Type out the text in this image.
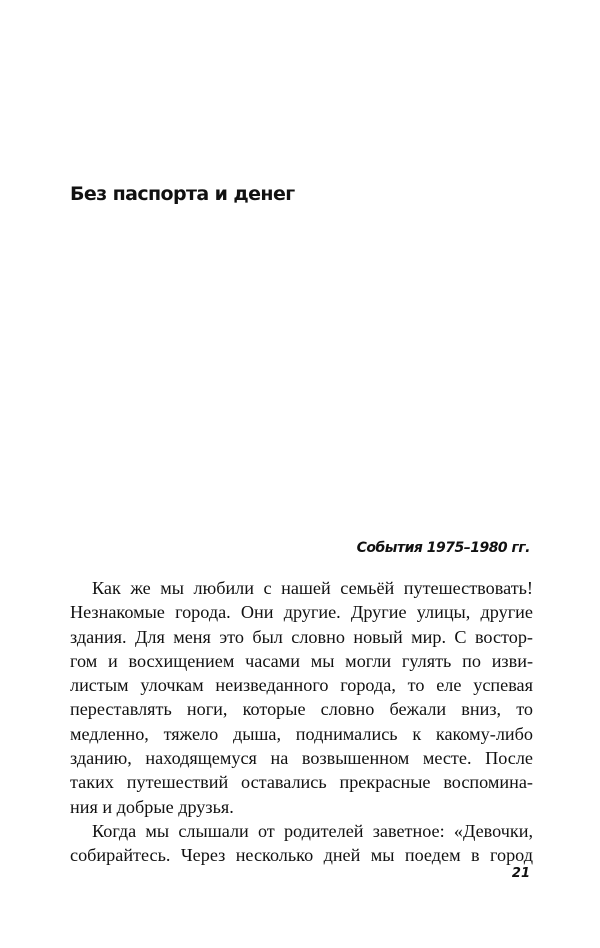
Без паспорта и денег

События 1975–1980 гг.

Как же мы любили с нашей семьёй путешествовать!
Незнакомые города. Они другие. Другие улицы, другие
здания. Для меня это был словно новый мир. С востор-
гом и восхищением часами мы могли гулять по изви-
листым улочкам неизведанного города, то еле успевая
переставлять ноги, которые словно бежали вниз, то
медленно, тяжело дыша, поднимались к какому-либо
зданию, находящемуся на возвышенном месте. После
таких путешествий оставались прекрасные воспомина-
ния и добрые друзья.
Когда мы слышали от родителей заветное: «Девочки,
собирайтесь. Через несколько дней мы поедем в город

21
